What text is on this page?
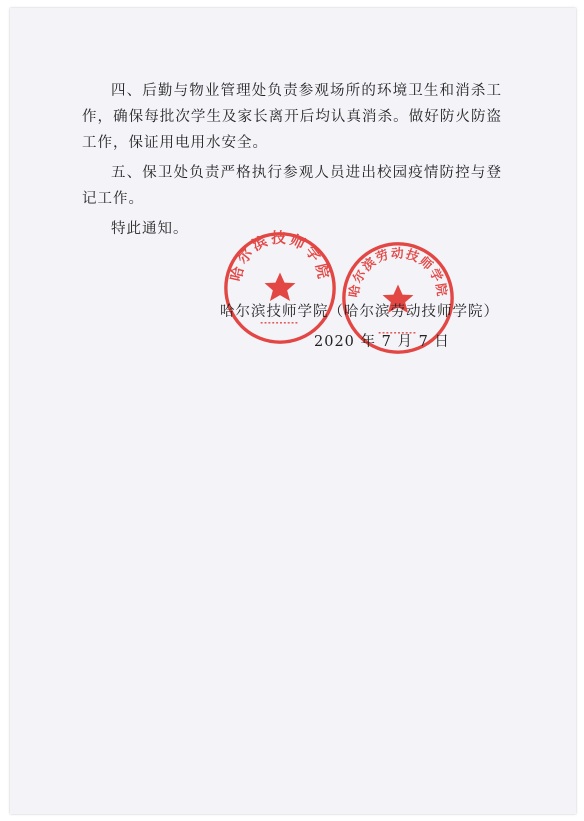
四、后勤与物业管理处负责参观场所的环境卫生和消杀工作，确保每批次学生及家长离开后均认真消杀。做好防火防盗工作，保证用电用水安全。

五、保卫处负责严格执行参观人员进出校园疫情防控与登记工作。

特此通知。

哈尔滨技师学院
哈尔滨劳动技师学院
哈尔滨技师学院（哈尔滨劳动技师学院）
2020 年 7 月 7 日
